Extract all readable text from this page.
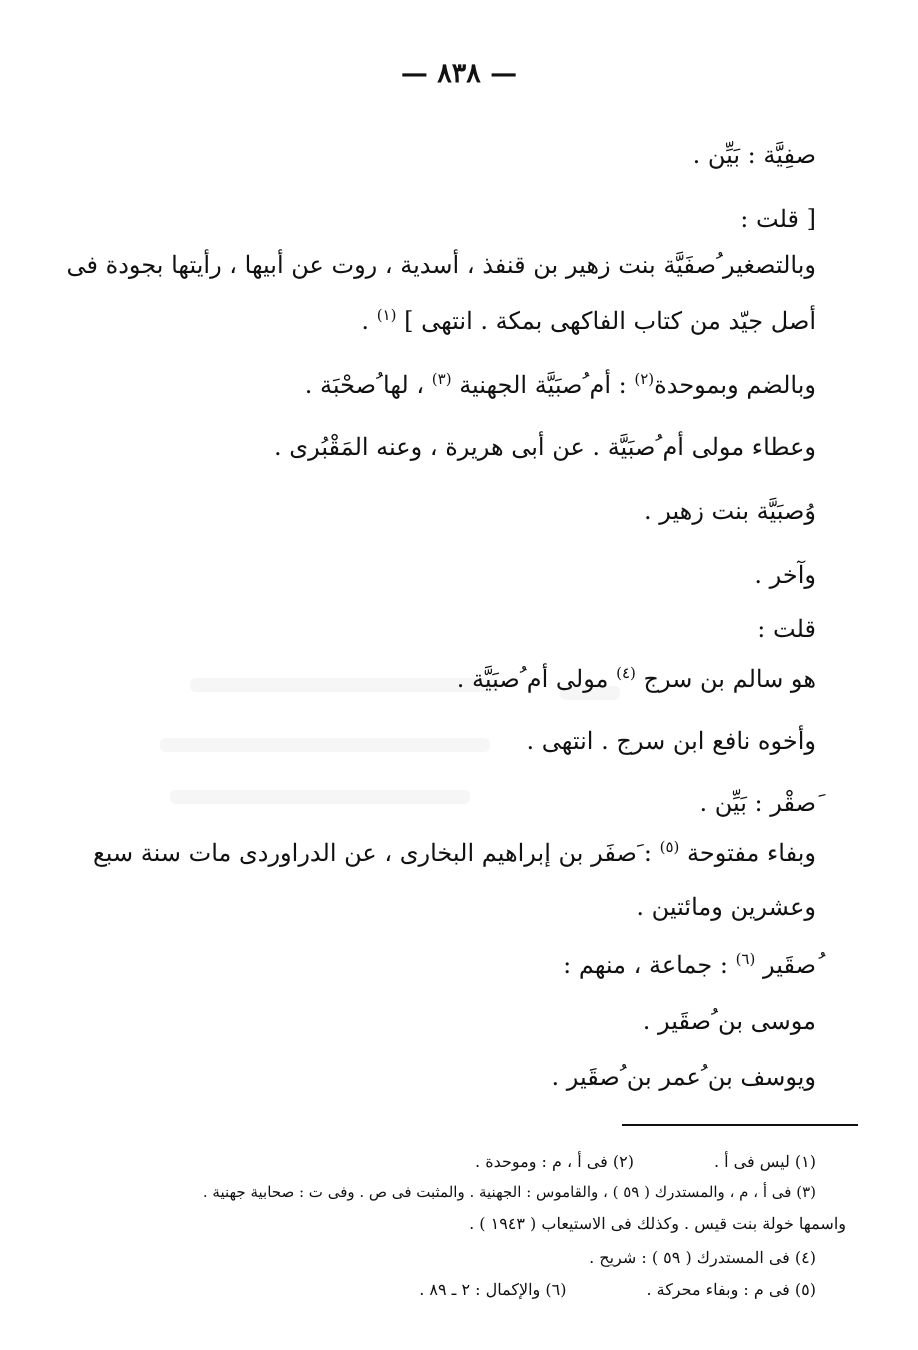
— ٨٣٨ —
صفِيَّة : بَيِّن .
[ قلت :
وبالتصغير ُصفَيَّة بنت زهير بن قنفذ ، أسدية ، روت عن أبيها ، رأيتها بجودة فى
أصل جيّد من كتاب الفاكهى بمكة . انتهى ] $^{(١)}$ .
وبالضم وبموحدة$^{(٢)}$ : أم ُصبَيَّة الجهنية $^{(٣)}$ ، لها ُصحْبَة .
وعطاء مولى أم ُصبَيَّة . عن أبى هريرة ، وعنه المَقْبُرى .
وُصبَيَّة بنت زهير .
وآخر .
قلت :
هو سالم بن سرج $^{(٤)}$ مولى أم ُصبَيَّة .
وأخوه نافع ابن سرج . انتهى .
َصقْر : بَيِّن .
وبفاء مفتوحة $^{(٥)}$ : َصفَر بن إبراهيم البخارى ، عن الدراوردى مات سنة سبع
وعشرين ومائتين .
ُصقَير $^{(٦)}$ : جماعة ، منهم :
موسى بن ُصقَير .
ويوسف بن ُعمر بن ُصقَير .
(١) ليس فى أ .(٢) فى أ ، م : وموحدة .
(٣) فى أ ، م ، والمستدرك ( ٥٩ ) ، والقاموس : الجهنية . والمثبت فى ص . وفى ت : صحابية جهنية .
واسمها خولة بنت قيس . وكذلك فى الاستيعاب ( ١٩٤٣ ) .
(٤) فى المستدرك ( ٥٩ ) : شريح .
(٥) فى م : وبفاء محركة .(٦) والإكمال : ٢ ـ ٨٩ .
